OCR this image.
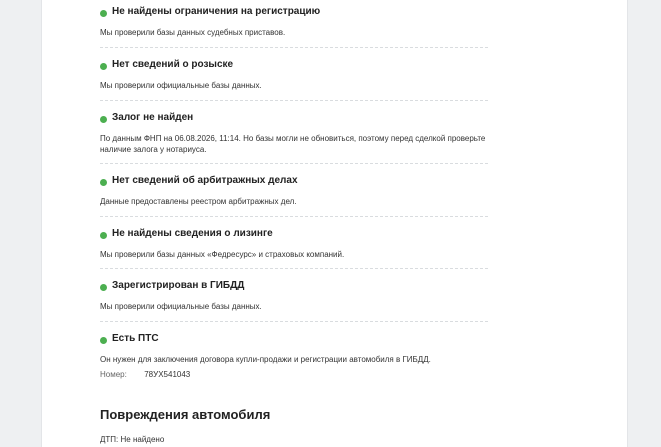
Не найдены ограничения на регистрацию
Мы проверили базы данных судебных приставов.
Нет сведений о розыске
Мы проверили официальные базы данных.
Залог не найден
По данным ФНП на 06.08.2026, 11:14. Но базы могли не обновиться, поэтому перед сделкой проверьте наличие залога у нотариуса.
Нет сведений об арбитражных делах
Данные предоставлены реестром арбитражных дел.
Не найдены сведения о лизинге
Мы проверили базы данных «Федресурс» и страховых компаний.
Зарегистрирован в ГИБДД
Мы проверили официальные базы данных.
Есть ПТС
Он нужен для заключения договора купли-продажи и регистрации автомобиля в ГИБДД.
Номер: 78УХ541043
Повреждения автомобиля
ДТП: Не найдено
